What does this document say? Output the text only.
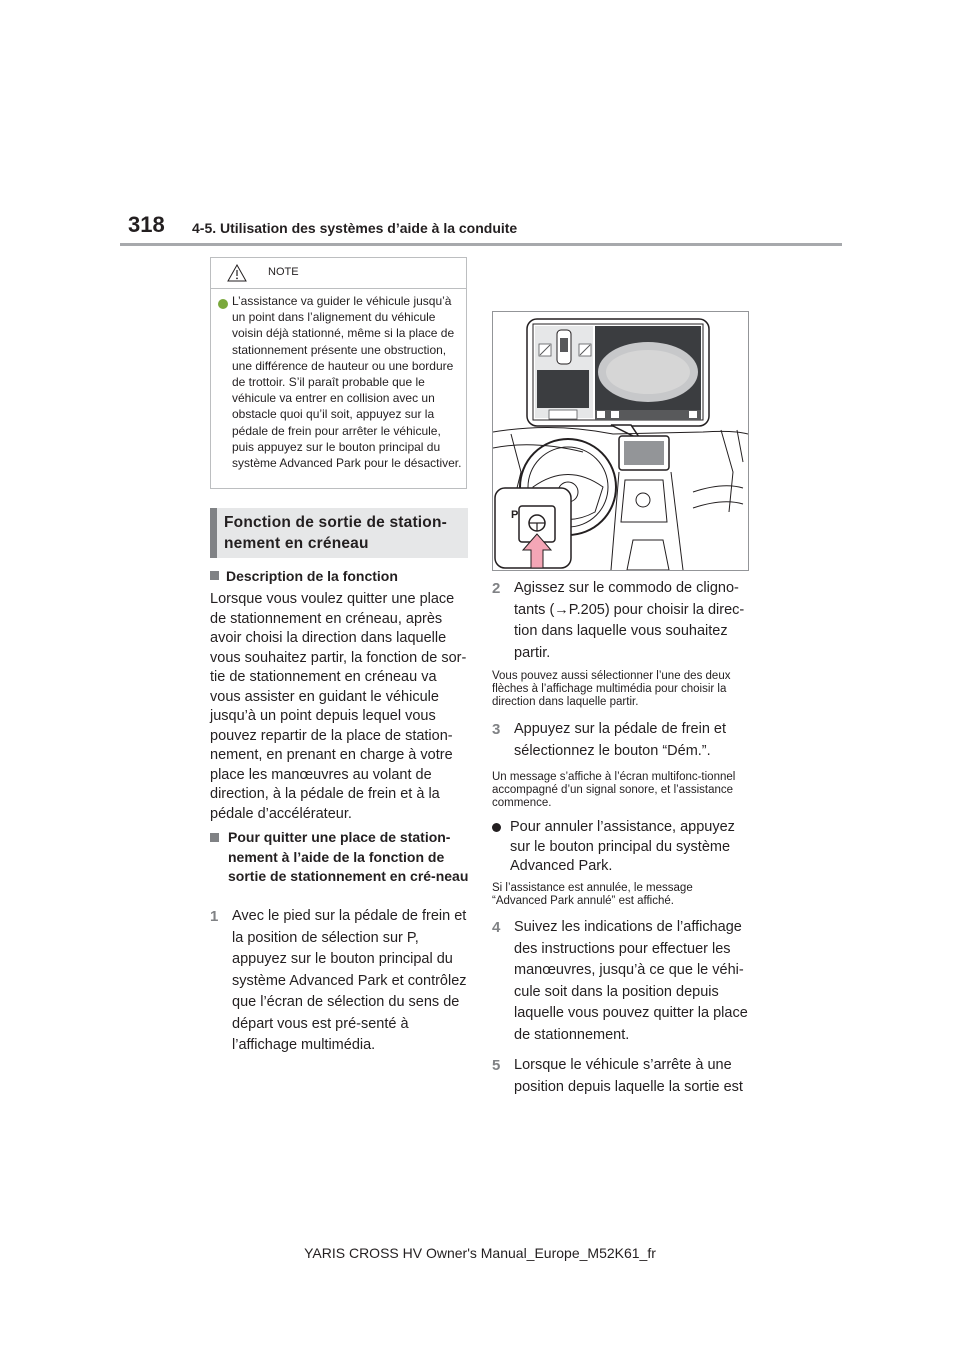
318 4-5. Utilisation des systèmes d’aide à la conduite
NOTE
L’assistance va guider le véhicule jusqu’à un point dans l’alignement du véhicule voisin déjà stationné, même si la place de stationnement présente une obstruction, une différence de hauteur ou une bordure de trottoir. S’il paraît probable que le véhicule va entrer en collision avec un obstacle quoi qu’il soit, appuyez sur la pédale de frein pour arrêter le véhicule, puis appuyez sur le bouton principal du système Advanced Park pour le désactiver.
Fonction de sortie de station-
nement en créneau
Description de la fonction
Lorsque vous voulez quitter une place de stationnement en créneau, après avoir choisi la direction dans laquelle vous souhaitez partir, la fonction de sor-tie de stationnement en créneau va vous assister en guidant le véhicule jusqu’à un point depuis lequel vous pouvez repartir de la place de station-nement, en prenant en charge à votre place les manœuvres au volant de direction, à la pédale de frein et à la pédale d’accélérateur.
Pour quitter une place de station-nement à l’aide de la fonction de sortie de stationnement en cré-neau
1 Avec le pied sur la pédale de frein et la position de sélection sur P, appuyez sur le bouton principal du système Advanced Park et contrôlez que l’écran de sélection du sens de départ vous est pré-senté à l’affichage multimédia.
P
2 Agissez sur le commodo de cligno-tants (→P.205) pour choisir la direc-tion dans laquelle vous souhaitez partir.
Vous pouvez aussi sélectionner l’une des deux flèches à l’affichage multimédia pour choisir la direction dans laquelle partir.
3 Appuyez sur la pédale de frein et sélectionnez le bouton “Dém.”.
Un message s’affiche à l’écran multifonc-tionnel accompagné d’un signal sonore, et l’assistance commence.
Pour annuler l’assistance, appuyez sur le bouton principal du système Advanced Park.
Si l’assistance est annulée, le message “Advanced Park annulé” est affiché.
4 Suivez les indications de l’affichage des instructions pour effectuer les manœuvres, jusqu’à ce que le véhi-cule soit dans la position depuis laquelle vous pouvez quitter la place de stationnement.
5 Lorsque le véhicule s’arrête à une position depuis laquelle la sortie est
YARIS CROSS HV Owner's Manual_Europe_M52K61_fr
